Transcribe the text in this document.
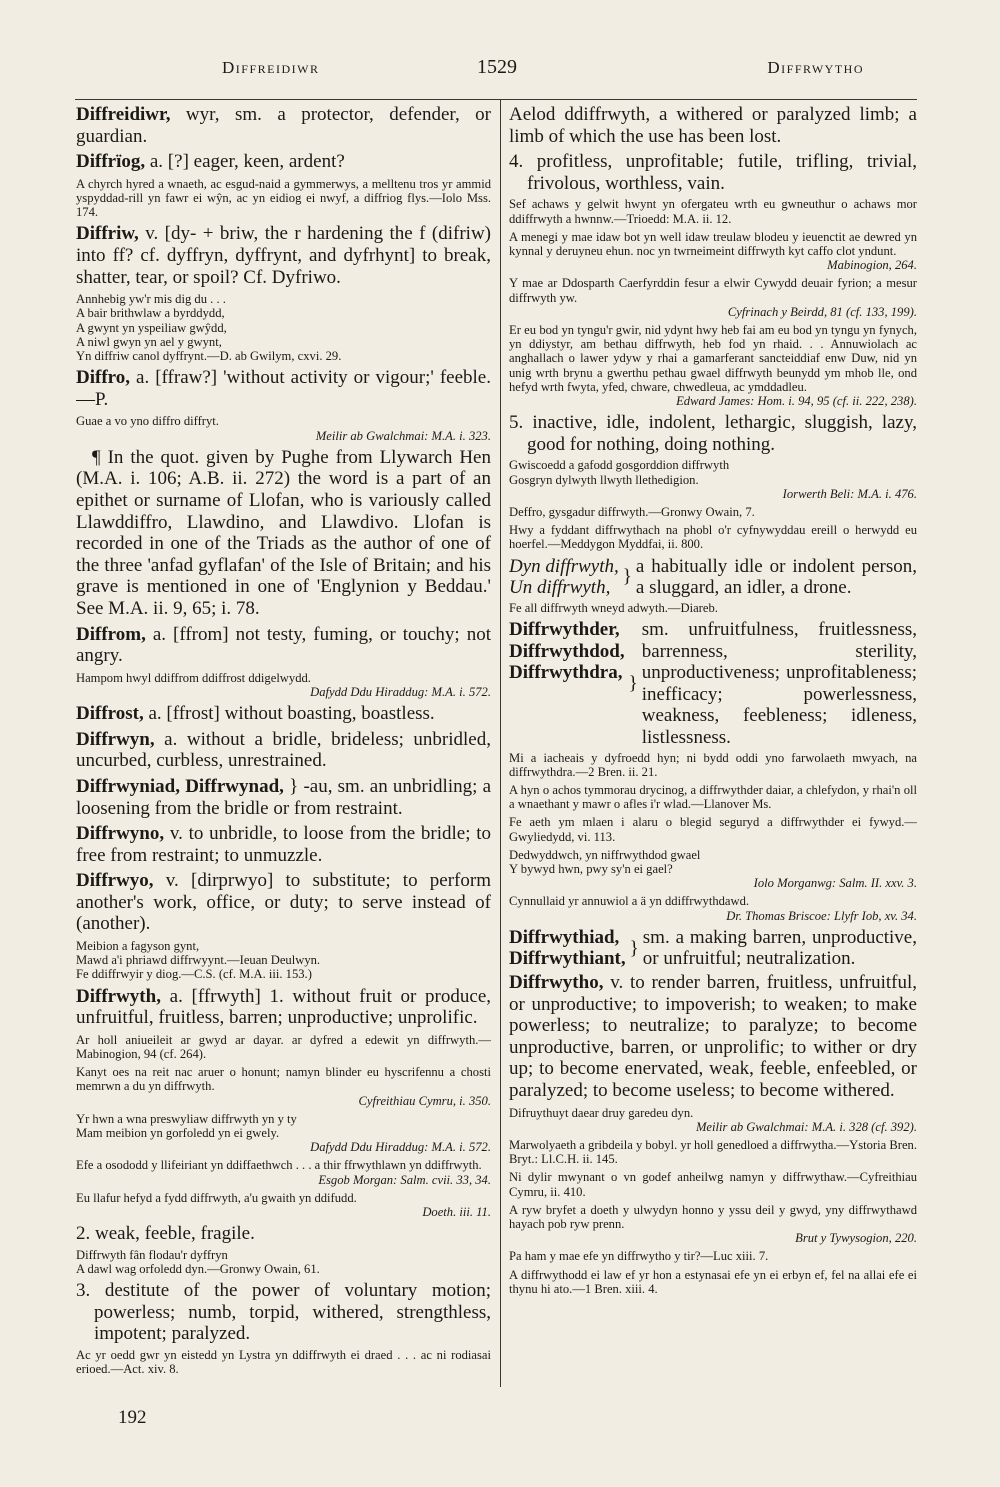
Diffreidiwr	1529	Diffrwytho
Diffreidiwr, wyr, sm. a protector, defender, or guardian.
Diffrïog, a. [?] eager, keen, ardent?

A chyrch hyred a wnaeth, ac esgud-naid a gymmerwys, a melltenu tros yr ammid yspyddad-rill yn fawr ei wŷn, ac yn eidiog ei nwyf, a diffriog flys.—Iolo Mss. 174.

Diffriw, v. [dy- + briw, the r hardening the f (difriw) into ff? cf. dyffryn, dyffrynt, and dyfrhynt] to break, shatter, tear, or spoil? Cf. Dyfriwo.

Annhebig yw'r mis dig du . . .

A bair brithwlaw a byrddydd,

A gwynt yn yspeiliaw gwŷdd,

A niwl gwyn yn ael y gwynt,

Yn diffriw canol dyffrynt.—D. ab Gwilym, cxvi. 29.

Diffro, a. [ffraw?] 'without activity or vigour;' feeble.—P.

Guae a vo yno diffro diffryt.

Meilir ab Gwalchmai: M.A. i. 323.
¶ In the quot. given by Pughe from Llywarch Hen (M.A. i. 106; A.B. ii. 272) the word is a part of an epithet or surname of Llofan, who is variously called Llawddiffro, Llawdino, and Llawdivo. Llofan is recorded in one of the Triads as the author of one of the three 'anfad gyflafan' of the Isle of Britain; and his grave is mentioned in one of 'Englynion y Beddau.' See M.A. ii. 9, 65; i. 78.
Diffrom, a. [ffrom] not testy, fuming, or touchy; not angry.

Hampom hwyl ddiffrom ddiffrost ddigelwydd.

Dafydd Ddu Hiraddug: M.A. i. 572.
Diffrost, a. [ffrost] without boasting, boastless.
Diffrwyn, a. without a bridle, brideless; unbridled, uncurbed, curbless, unrestrained.
Diffrwyniad, Diffrwynad, } -au, sm. an unbridling; a loosening from the bridle or from restraint.
Diffrwyno, v. to unbridle, to loose from the bridle; to free from restraint; to unmuzzle.
Diffrwyo, v. [dirprwyo] to substitute; to perform another's work, office, or duty; to serve instead of (another).

Meibion a fagyson gynt,

Mawd a'i phriawd diffrwyynt.—Ieuan Deulwyn.

Fe ddiffrwyir y diog.—C.S. (cf. M.A. iii. 153.)

Diffrwyth, a. [ffrwyth] 1. without fruit or produce, unfruitful, fruitless, barren; unproductive; unprolific.

Ar holl aniueileit ar gwyd ar dayar. ar dyfred a edewit yn diffrwyth.—Mabinogion, 94 (cf. 264).

Kanyt oes na reit nac aruer o honunt; namyn blinder eu hyscrifennu a chosti memrwn a du yn diffrwyth.

Cyfreithiau Cymru, i. 350.

Yr hwn a wna preswyliaw diffrwyth yn y ty

Mam meibion yn gorfoledd yn ei gwely.

Dafydd Ddu Hiraddug: M.A. i. 572.

Efe a osododd y llifeiriant yn ddiffaethwch . . . a thir ffrwythlawn yn ddiffrwyth.

Esgob Morgan: Salm. cvii. 33, 34.

Eu llafur hefyd a fydd diffrwyth, a'u gwaith yn ddifudd.

Doeth. iii. 11.
2. weak, feeble, fragile.

Diffrwyth fân flodau'r dyffryn

A dawl wag orfoledd dyn.—Gronwy Owain, 61.

3. destitute of the power of voluntary motion; powerless; numb, torpid, withered, strengthless, impotent; paralyzed.

Ac yr oedd gwr yn eistedd yn Lystra yn ddiffrwyth ei draed . . . ac ni rodiasai erioed.—Act. xiv. 8.

Aelod ddiffrwyth, a withered or paralyzed limb; a limb of which the use has been lost.
4. profitless, unprofitable; futile, trifling, trivial, frivolous, worthless, vain.

Sef achaws y gelwit hwynt yn ofergateu wrth eu gwneuthur o achaws mor ddiffrwyth a hwnnw.—Trioedd: M.A. ii. 12.

A menegi y mae idaw bot yn well idaw treulaw blodeu y ieuenctit ae dewred yn kynnal y deruyneu ehun. noc yn twrneimeint diffrwyth kyt caffo clot yndunt.

Mabinogion, 264.

Y mae ar Ddosparth Caerfyrddin fesur a elwir Cywydd deuair fyrion; a mesur diffrwyth yw.

Cyfrinach y Beirdd, 81 (cf. 133, 199).

Er eu bod yn tyngu'r gwir, nid ydynt hwy heb fai am eu bod yn tyngu yn fynych, yn ddiystyr, am bethau diffrwyth, heb fod yn rhaid. . . Annuwiolach ac anghallach o lawer ydyw y rhai a gamarferant sancteiddiaf enw Duw, nid yn unig wrth brynu a gwerthu pethau gwael diffrwyth beunydd ym mhob lle, ond hefyd wrth fwyta, yfed, chware, chwedleua, ac ymddadleu.

Edward James: Hom. i. 94, 95 (cf. ii. 222, 238).
5. inactive, idle, indolent, lethargic, sluggish, lazy, good for nothing, doing nothing.

Gwiscoedd a gafodd gosgorddion diffrwyth

Gosgryn dylwyth llwyth llethedigion.

Iorwerth Beli: M.A. i. 476.

Deffro, gysgadur diffrwyth.—Gronwy Owain, 7.

Hwy a fyddant diffrwythach na phobl o'r cyfnywyddau ereill o herwydd eu hoerfel.—Meddygon Myddfai, ii. 800.

Dyn diffrwyth,
Un diffrwyth,
}
a habitually idle or indolent person, a sluggard, an idler, a drone.

Fe all diffrwyth wneyd adwyth.—Diareb.

Diffrwythder,
Diffrwythdod,
Diffrwythdra,
}
sm. unfruitfulness, fruitlessness, barrenness, sterility, unproductiveness; unprofitableness; inefficacy; powerlessness, weakness, feebleness; idleness, listlessness.

Mi a iacheais y dyfroedd hyn; ni bydd oddi yno farwolaeth mwyach, na diffrwythdra.—2 Bren. ii. 21.

A hyn o achos tymmorau drycinog, a diffrwythder daiar, a chlefydon, y rhai'n oll a wnaethant y mawr o afles i'r wlad.—Llanover Ms.

Fe aeth ym mlaen i alaru o blegid seguryd a diffrwythder ei fywyd.—Gwyliedydd, vi. 113.

Dedwyddwch, yn niffrwythdod gwael

Y bywyd hwn, pwy sy'n ei gael?

Iolo Morganwg: Salm. II. xxv. 3.

Cynnullaid yr annuwiol a ä yn ddiffrwythdawd.

Dr. Thomas Briscoe: Llyfr Iob, xv. 34.
Diffrwythiad,
Diffrwythiant,
}
sm. a making barren, unproductive, or unfruitful; neutralization.
Diffrwytho, v. to render barren, fruitless, unfruitful, or unproductive; to impoverish; to weaken; to make powerless; to neutralize; to paralyze; to become unproductive, barren, or unprolific; to wither or dry up; to become enervated, weak, feeble, enfeebled, or paralyzed; to become useless; to become withered.

Difruythuyt daear druy garedeu dyn.

Meilir ab Gwalchmai: M.A. i. 328 (cf. 392).

Marwolyaeth a gribdeila y bobyl. yr holl genedloed a diffrwytha.—Ystoria Bren. Bryt.: Ll.C.H. ii. 145.

Ni dylir mwynant o vn godef anheilwg namyn y diffrwythaw.—Cyfreithiau Cymru, ii. 410.

A ryw bryfet a doeth y ulwydyn honno y yssu deil y gwyd, yny diffrwythawd hayach pob ryw prenn.

Brut y Tywysogion, 220.

Pa ham y mae efe yn diffrwytho y tir?—Luc xiii. 7.

A diffrwythodd ei law ef yr hon a estynasai efe yn ei erbyn ef, fel na allai efe ei thynu hi ato.—1 Bren. xiii. 4.

192
